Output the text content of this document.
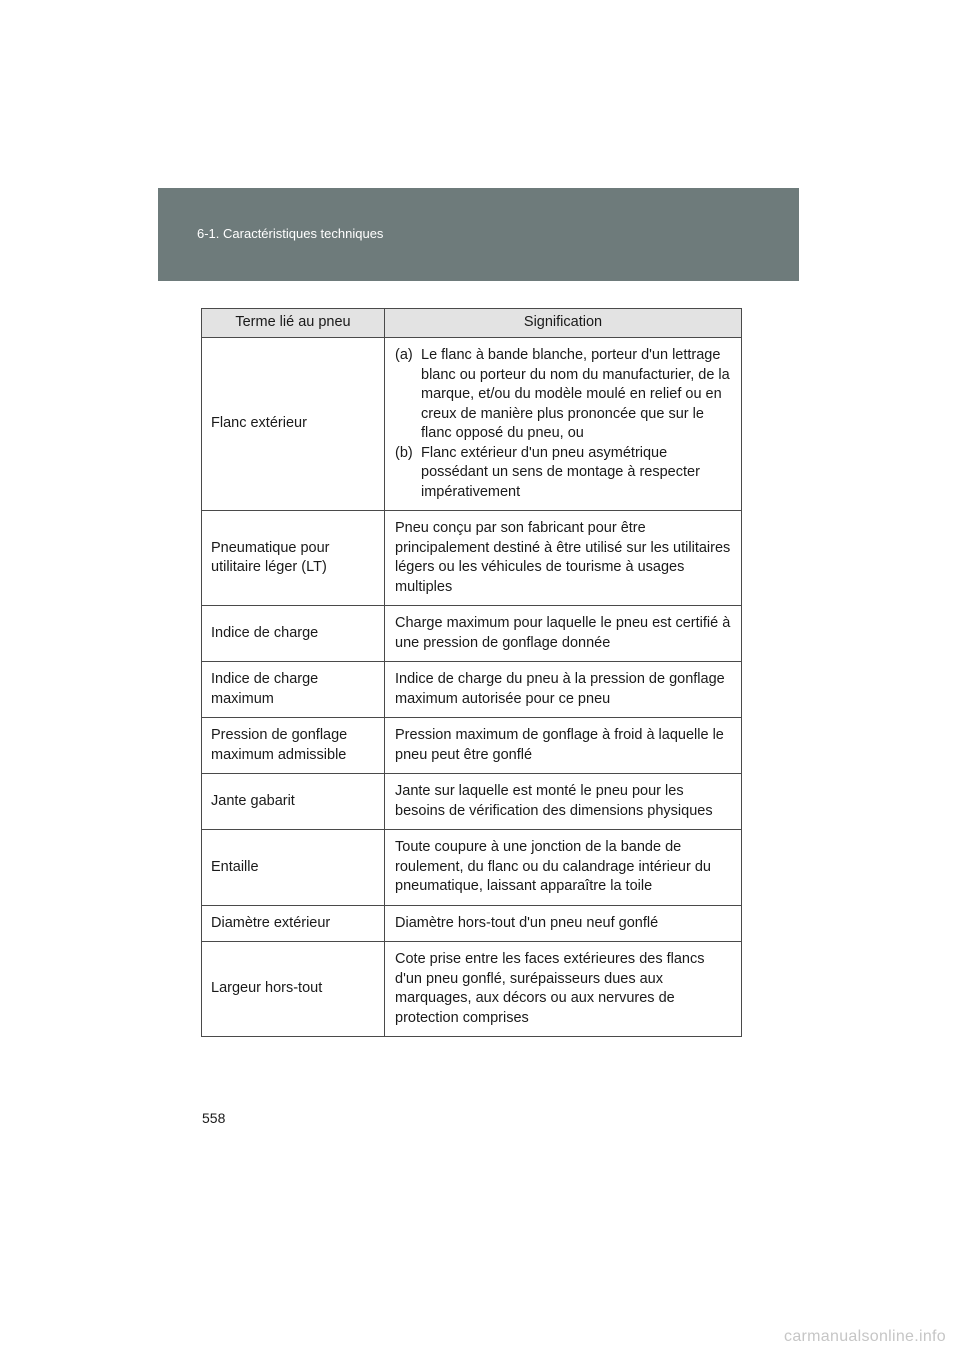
6-1. Caractéristiques techniques
Terme lié au pneu	Signification
Flanc extérieur	(a) Le flanc à bande blanche, porteur d'un lettrage blanc ou porteur du nom du manufacturier, de la marque, et/ou du modèle moulé en relief ou en creux de manière plus prononcée que sur le flanc opposé du pneu, ou
(b) Flanc extérieur d'un pneu asymétrique possédant un sens de montage à respecter impérativement

Pneumatique pour utilitaire léger (LT)	Pneu conçu par son fabricant pour être principalement destiné à être utilisé sur les utilitaires légers ou les véhicules de tourisme à usages multiples
Indice de charge	Charge maximum pour laquelle le pneu est certifié à une pression de gonflage donnée
Indice de charge maximum	Indice de charge du pneu à la pression de gonflage maximum autorisée pour ce pneu
Pression de gonflage maximum admissible	Pression maximum de gonflage à froid à laquelle le pneu peut être gonflé
Jante gabarit	Jante sur laquelle est monté le pneu pour les besoins de vérification des dimensions physiques
Entaille	Toute coupure à une jonction de la bande de roulement, du flanc ou du calandrage intérieur du pneumatique, laissant apparaître la toile
Diamètre extérieur	Diamètre hors-tout d'un pneu neuf gonflé
Largeur hors-tout	Cote prise entre les faces extérieures des flancs d'un pneu gonflé, surépaisseurs dues aux marquages, aux décors ou aux nervures de protection comprises
558
carmanualsonline.info
